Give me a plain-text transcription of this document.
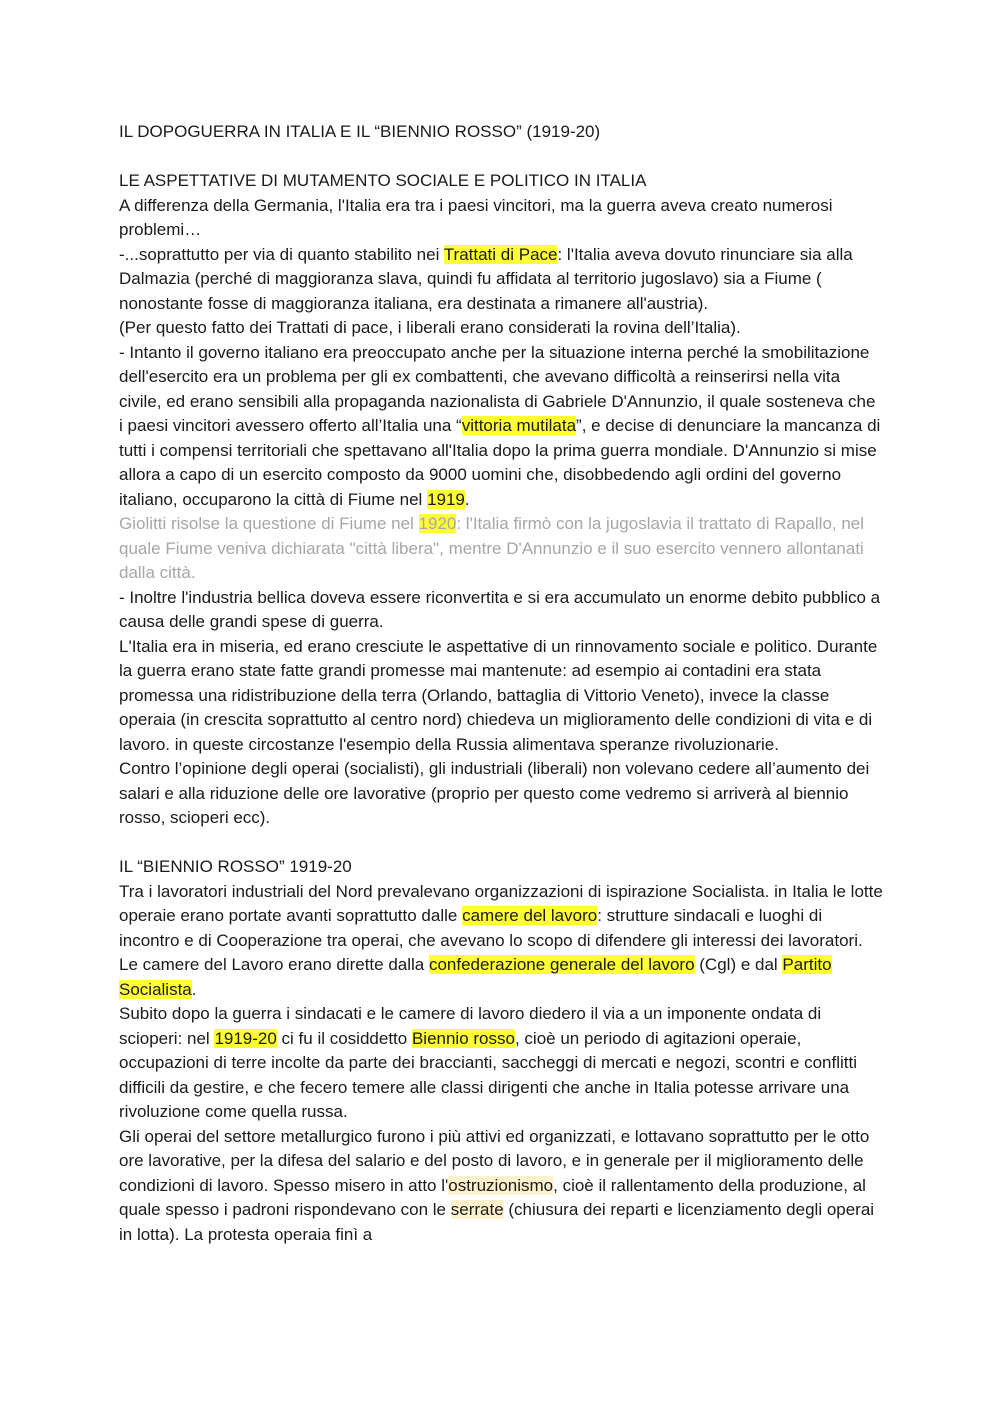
IL DOPOGUERRA IN ITALIA E IL “BIENNIO ROSSO” (1919-20)

LE ASPETTATIVE DI MUTAMENTO SOCIALE E POLITICO IN ITALIA

A differenza della Germania, l'Italia era tra i paesi vincitori, ma la guerra aveva creato numerosi problemi…

-...soprattutto per via di quanto stabilito nei Trattati di Pace: l'Italia aveva dovuto rinunciare sia alla Dalmazia (perché di maggioranza slava, quindi fu affidata al territorio jugoslavo) sia a Fiume ( nonostante fosse di maggioranza italiana, era destinata a rimanere all'austria).

(Per questo fatto dei Trattati di pace, i liberali erano considerati la rovina dell’Italia).

- Intanto il governo italiano era preoccupato anche per la situazione interna perché la smobilitazione dell'esercito era un problema per gli ex combattenti, che avevano difficoltà a reinserirsi nella vita civile, ed erano sensibili alla propaganda nazionalista di Gabriele D'Annunzio, il quale sosteneva che i paesi vincitori avessero offerto all’Italia una “vittoria mutilata”, e decise di denunciare la mancanza di tutti i compensi territoriali che spettavano all'Italia dopo la prima guerra mondiale. D'Annunzio si mise allora a capo di un esercito composto da 9000 uomini che, disobbedendo agli ordini del governo italiano, occuparono la città di Fiume nel 1919.

Giolitti risolse la questione di Fiume nel 1920: l'Italia firmò con la jugoslavia il trattato di Rapallo, nel quale Fiume veniva dichiarata "città libera", mentre D'Annunzio e il suo esercito vennero allontanati dalla città.

- Inoltre l'industria bellica doveva essere riconvertita e si era accumulato un enorme debito pubblico a causa delle grandi spese di guerra.

L'Italia era in miseria, ed erano cresciute le aspettative di un rinnovamento sociale e politico. Durante la guerra erano state fatte grandi promesse mai mantenute: ad esempio ai contadini era stata promessa una ridistribuzione della terra (Orlando, battaglia di Vittorio Veneto), invece la classe operaia (in crescita soprattutto al centro nord) chiedeva un miglioramento delle condizioni di vita e di lavoro. in queste circostanze l'esempio della Russia alimentava speranze rivoluzionarie.

Contro l’opinione degli operai (socialisti), gli industriali (liberali) non volevano cedere all’aumento dei salari e alla riduzione delle ore lavorative (proprio per questo come vedremo si arriverà al biennio rosso, scioperi ecc).

IL “BIENNIO ROSSO” 1919-20

Tra i lavoratori industriali del Nord prevalevano organizzazioni di ispirazione Socialista. in Italia le lotte operaie erano portate avanti soprattutto dalle camere del lavoro: strutture sindacali e luoghi di incontro e di Cooperazione tra operai, che avevano lo scopo di difendere gli interessi dei lavoratori. Le camere del Lavoro erano dirette dalla confederazione generale del lavoro (Cgl) e dal Partito Socialista.

Subito dopo la guerra i sindacati e le camere di lavoro diedero il via a un imponente ondata di scioperi: nel 1919-20 ci fu il cosiddetto Biennio rosso, cioè un periodo di agitazioni operaie, occupazioni di terre incolte da parte dei braccianti, saccheggi di mercati e negozi, scontri e conflitti difficili da gestire, e che fecero temere alle classi dirigenti che anche in Italia potesse arrivare una rivoluzione come quella russa.

Gli operai del settore metallurgico furono i più attivi ed organizzati, e lottavano soprattutto per le otto ore lavorative, per la difesa del salario e del posto di lavoro, e in generale per il miglioramento delle condizioni di lavoro. Spesso misero in atto l'ostruzionismo, cioè il rallentamento della produzione, al quale spesso i padroni rispondevano con le serrate (chiusura dei reparti e licenziamento degli operai in lotta). La protesta operaia finì a
